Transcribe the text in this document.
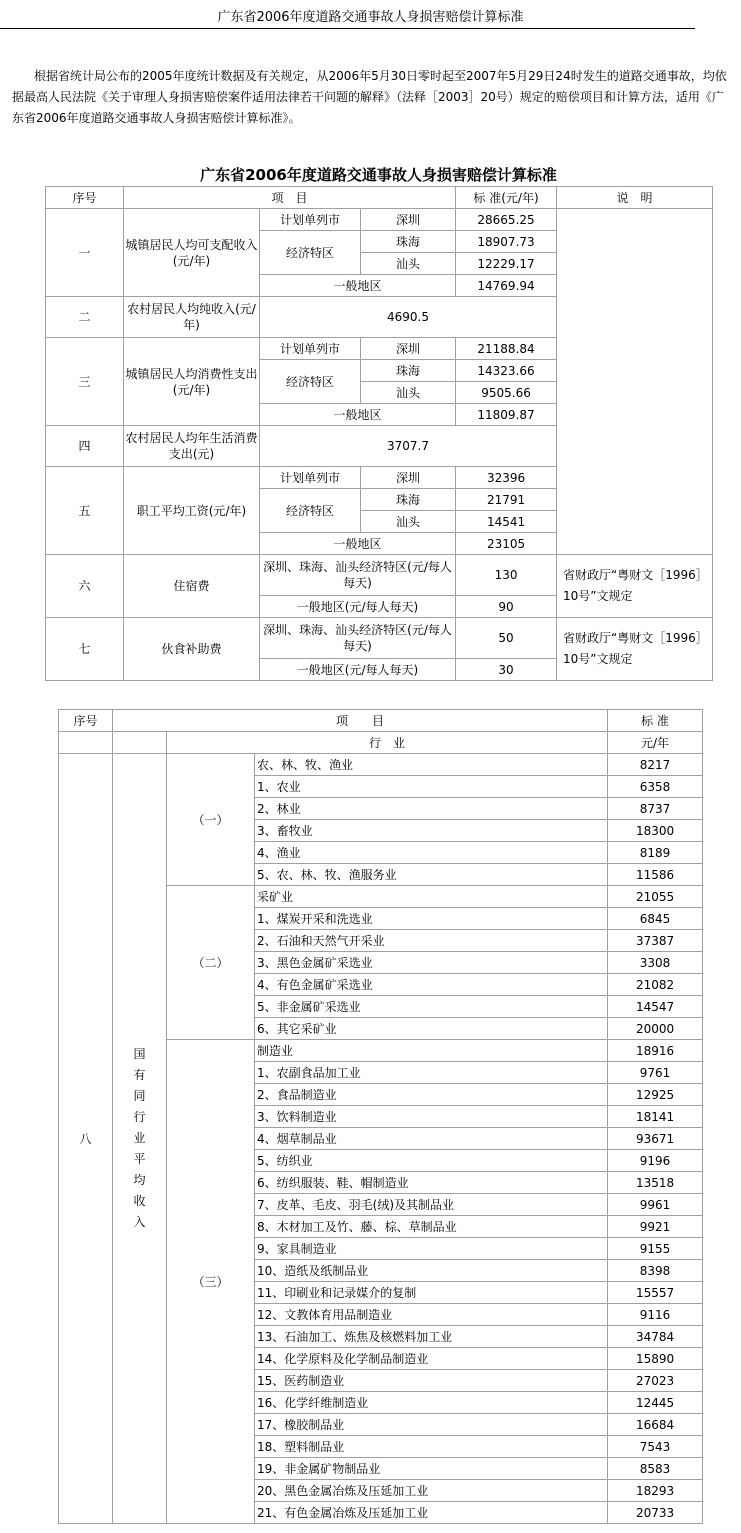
广东省2006年度道路交通事故人身损害赔偿计算标准
根据省统计局公布的2005年度统计数据及有关规定，从2006年5月30日零时起至2007年5月29日24时发生的道路交通事故，均依据最高人民法院《关于审理人身损害赔偿案件适用法律若干问题的解释》（法释［2003］20号）规定的赔偿项目和计算方法，适用《广东省2006年度道路交通事故人身损害赔偿计算标准》。
广东省2006年度道路交通事故人身损害赔偿计算标准
序号	项　目			标 准(元/年)	说　明
一	城镇居民人均可支配收入(元/年)	计划单列市	深圳	28665.25	
		经济特区	珠海	18907.73	
			汕头	12229.17	
		一般地区		14769.94	
二	农村居民人均纯收入(元/年)	4690.5			
三	城镇居民人均消费性支出(元/年)	计划单列市	深圳	21188.84	
		经济特区	珠海	14323.66	
			汕头	9505.66	
		一般地区		11809.87	
四	农村居民人均年生活消费支出(元)	3707.7			
五	职工平均工资(元/年)	计划单列市	深圳	32396	
		经济特区	珠海	21791	
			汕头	14541	
		一般地区		23105	
六	住宿费	深圳、珠海、汕头经济特区(元/每人每天)		130	省财政厅“粤财文［1996］10号”文规定
		一般地区(元/每人每天)		90	
七	伙食补助费	深圳、珠海、汕头经济特区(元/每人每天)		50	省财政厅“粤财文［1996］10号”文规定
		一般地区(元/每人每天)		30	
序号	项　　目			标 准
		行　业		元/年
八	国有同行业平均收入	（一）	农、林、牧、渔业	8217
			1、农业	6358
			2、林业	8737
			3、畜牧业	18300
			4、渔业	8189
			5、农、林、牧、渔服务业	11586
		（二）	采矿业	21055
			1、煤炭开采和洗选业	6845
			2、石油和天然气开采业	37387
			3、黑色金属矿采选业	3308
			4、有色金属矿采选业	21082
			5、非金属矿采选业	14547
			6、其它采矿业	20000
		（三）	制造业	18916
			1、农副食品加工业	9761
			2、食品制造业	12925
			3、饮料制造业	18141
			4、烟草制品业	93671
			5、纺织业	9196
			6、纺织服装、鞋、帽制造业	13518
			7、皮革、毛皮、羽毛(绒)及其制品业	9961
			8、木材加工及竹、藤、棕、草制品业	9921
			9、家具制造业	9155
			10、造纸及纸制品业	8398
			11、印刷业和记录媒介的复制	15557
			12、文教体育用品制造业	9116
			13、石油加工、炼焦及核燃料加工业	34784
			14、化学原料及化学制品制造业	15890
			15、医药制造业	27023
			16、化学纤维制造业	12445
			17、橡胶制品业	16684
			18、塑料制品业	7543
			19、非金属矿物制品业	8583
			20、黑色金属冶炼及压延加工业	18293
			21、有色金属冶炼及压延加工业	20733
